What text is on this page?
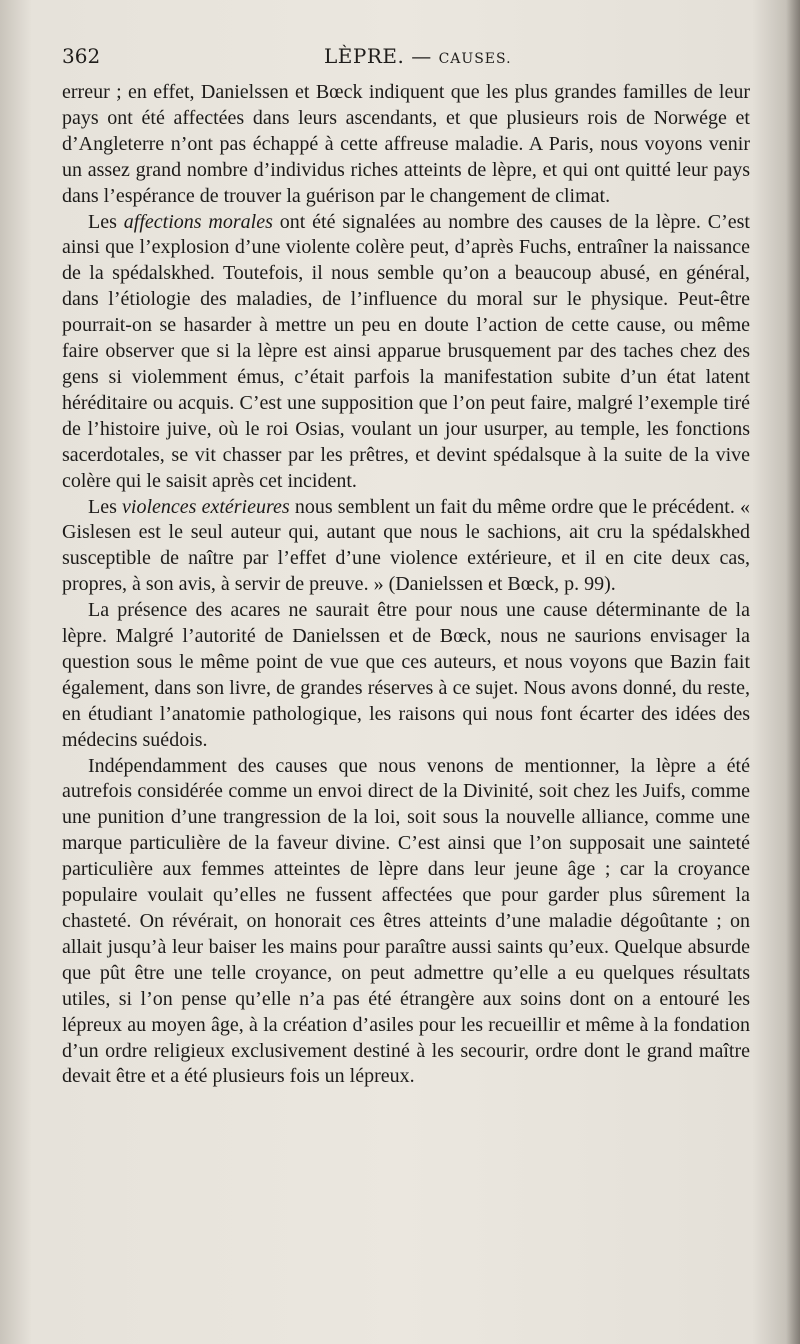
362	LÈPRE. — CAUSES.

erreur ; en effet, Danielssen et Bœck indiquent que les plus grandes familles de leur pays ont été affectées dans leurs ascendants, et que plusieurs rois de Norwége et d’Angleterre n’ont pas échappé à cette affreuse maladie. A Paris, nous voyons venir un assez grand nombre d’individus riches atteints de lèpre, et qui ont quitté leur pays dans l’espérance de trouver la guérison par le changement de climat.

Les affections morales ont été signalées au nombre des causes de la lèpre. C’est ainsi que l’explosion d’une violente colère peut, d’après Fuchs, entraîner la naissance de la spédalskhed. Toutefois, il nous semble qu’on a beaucoup abusé, en général, dans l’étiologie des maladies, de l’influence du moral sur le physique. Peut-être pourrait-on se hasarder à mettre un peu en doute l’action de cette cause, ou même faire observer que si la lèpre est ainsi apparue brusquement par des taches chez des gens si violemment émus, c’était parfois la manifestation subite d’un état latent héréditaire ou acquis. C’est une supposition que l’on peut faire, malgré l’exemple tiré de l’histoire juive, où le roi Osias, voulant un jour usurper, au temple, les fonctions sacerdotales, se vit chasser par les prêtres, et devint spédalsque à la suite de la vive colère qui le saisit après cet incident.

Les violences extérieures nous semblent un fait du même ordre que le précédent. « Gislesen est le seul auteur qui, autant que nous le sachions, ait cru la spédalskhed susceptible de naître par l’effet d’une violence extérieure, et il en cite deux cas, propres, à son avis, à servir de preuve. » (Danielssen et Bœck, p. 99).

La présence des acares ne saurait être pour nous une cause déterminante de la lèpre. Malgré l’autorité de Danielssen et de Bœck, nous ne saurions envisager la question sous le même point de vue que ces auteurs, et nous voyons que Bazin fait également, dans son livre, de grandes réserves à ce sujet. Nous avons donné, du reste, en étudiant l’anatomie pathologique, les raisons qui nous font écarter des idées des médecins suédois.

Indépendamment des causes que nous venons de mentionner, la lèpre a été autrefois considérée comme un envoi direct de la Divinité, soit chez les Juifs, comme une punition d’une trangression de la loi, soit sous la nouvelle alliance, comme une marque particulière de la faveur divine. C’est ainsi que l’on supposait une sainteté particulière aux femmes atteintes de lèpre dans leur jeune âge ; car la croyance populaire voulait qu’elles ne fussent affectées que pour garder plus sûrement la chasteté. On révérait, on honorait ces êtres atteints d’une maladie dégoûtante ; on allait jusqu’à leur baiser les mains pour paraître aussi saints qu’eux. Quelque absurde que pût être une telle croyance, on peut admettre qu’elle a eu quelques résultats utiles, si l’on pense qu’elle n’a pas été étrangère aux soins dont on a entouré les lépreux au moyen âge, à la création d’asiles pour les recueillir et même à la fondation d’un ordre religieux exclusivement destiné à les secourir, ordre dont le grand maître devait être et a été plusieurs fois un lépreux.
